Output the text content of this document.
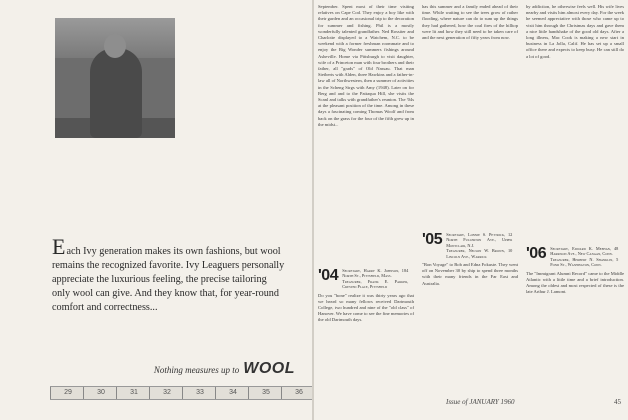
Each Ivy generation makes its own fashions, but wool remains the recognized favorite. Ivy Leaguers personally appreciate the luxurious feeling, the precise tailoring only wool can give. And they know that, for year-round comfort and correctness...
Nothing measures up to WOOL
29	30	31	32	33	34	35	36

September. Spent most of their time visiting relatives on Cape Cod. They enjoy a boy like with their garden and an occasional trip to the decoration for summer and fishing. Phil is a mostly wonderfully talented grandfather. Ned Rossiter and Charlotte displayed to a Watchem, N.C. to be weekend with a former freshman roommate and to enjoy the Big Wonder summers fishings around Asheville. Home via Pittsburgh to visit daughter, wife of a Princeton man with four brothers and their father, all "grads" of Old Nassau. That man Sieiberts with Alden, three Hawkins and a father-in-law all of Northwestern, then a summer of activities in the Scheng Sirgs with Amy (1948). Later on for Berg and and to the Pattaqua Hill, she visits the Scanl and talks with grandfather's reunion. The '04s at the pleasant position of the time. Among in these days a fascinating coming Thomas Woolf and from back on the grass for the four of the fifth grew up in the midst...

'04 Secretary, Harry K. Johnson, 184 North St., Pittsfield, Mass.
Treasurer, Frank E. Parker, Crested Place, Pittsfield

Do you "bone" realize it was thirty years ago that we heard so many fellows received Dartmouth College, two hundred and nine of the "old class" of Hanover. We have come to see the fine memories of the old Dartmouth days.

has this summer and a family ended ahead of their time. While waiting to see the trees grow of rather flooding, where nature can do to sum up the things they had gathered, how the coal fires of the hilltop were lit and how they still need to be taken care of and the next generation of fifty years from now.

'05 Secretary, Lonnie S. Pettrick, 12 North Fullerton Ave., Upper Montclair, N.J.
Treasurer, Nelson W. Brown, 10 Lincoln Ave., Warrick

"Bon Voyage" to Bob and Edna Fokuste. They went off on November 30 by ship to spend three months with their many friends in the Far East and Australia.

by addiction, he otherwise feels well. His wife lives nearby and visits him almost every day. For the week he seemed appreciative with those who came up to visit him through the Christmas days and gave them a nice little handshake of the good old days. After a long illness, Mac Cook is making a new start in business in La Jolla, Calif. He has set up a small office there and expects to keep busy. He can still do a lot of good.

'06 Secretary, Edward K. Meehan, 48 Harrison Ave., New Canaan, Conn.
Treasurer, Herbert N. Shanklin, 5 Fond St., Washington, Conn.

The "Immigrant Alumni Record" came to the Middle Atlantic with a little time and a brief introduction. Among the oldest and most respected of these is the late Arthur J. Lamont.

Issue of JANUARY 1960	45
